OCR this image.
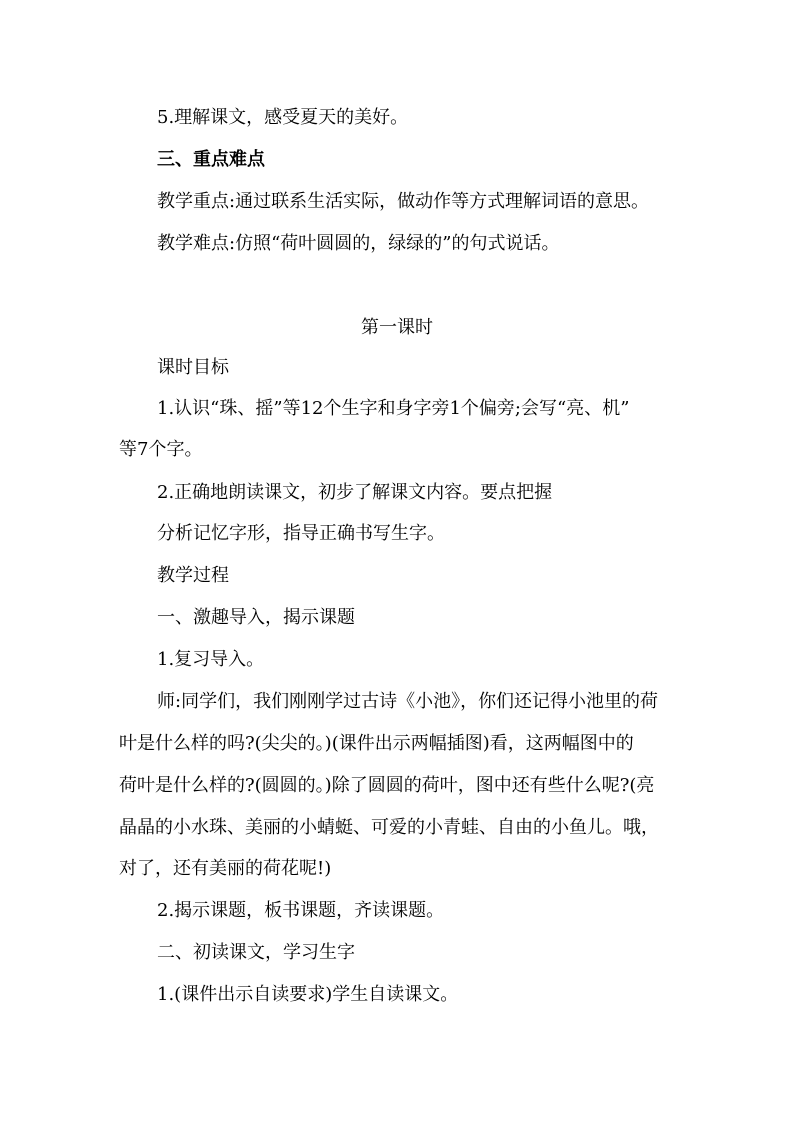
5.理解课文，感受夏天的美好。
三、重点难点
教学重点:通过联系生活实际，做动作等方式理解词语的意思。
教学难点:仿照“荷叶圆圆的，绿绿的”的句式说话。
第一课时
课时目标
1.认识“珠、摇”等12个生字和身字旁1个偏旁;会写“亮、机”
等7个字。
2.正确地朗读课文，初步了解课文内容。要点把握
分析记忆字形，指导正确书写生字。
教学过程
一、激趣导入，揭示课题
1.复习导入。
师:同学们，我们刚刚学过古诗《小池》，你们还记得小池里的荷
叶是什么样的吗?(尖尖的。)(课件出示两幅插图)看，这两幅图中的
荷叶是什么样的?(圆圆的。)除了圆圆的荷叶，图中还有些什么呢?(亮
晶晶的小水珠、美丽的小蜻蜓、可爱的小青蛙、自由的小鱼儿。哦，
对了，还有美丽的荷花呢!)
2.揭示课题，板书课题，齐读课题。
二、初读课文，学习生字
1.(课件出示自读要求)学生自读课文。
